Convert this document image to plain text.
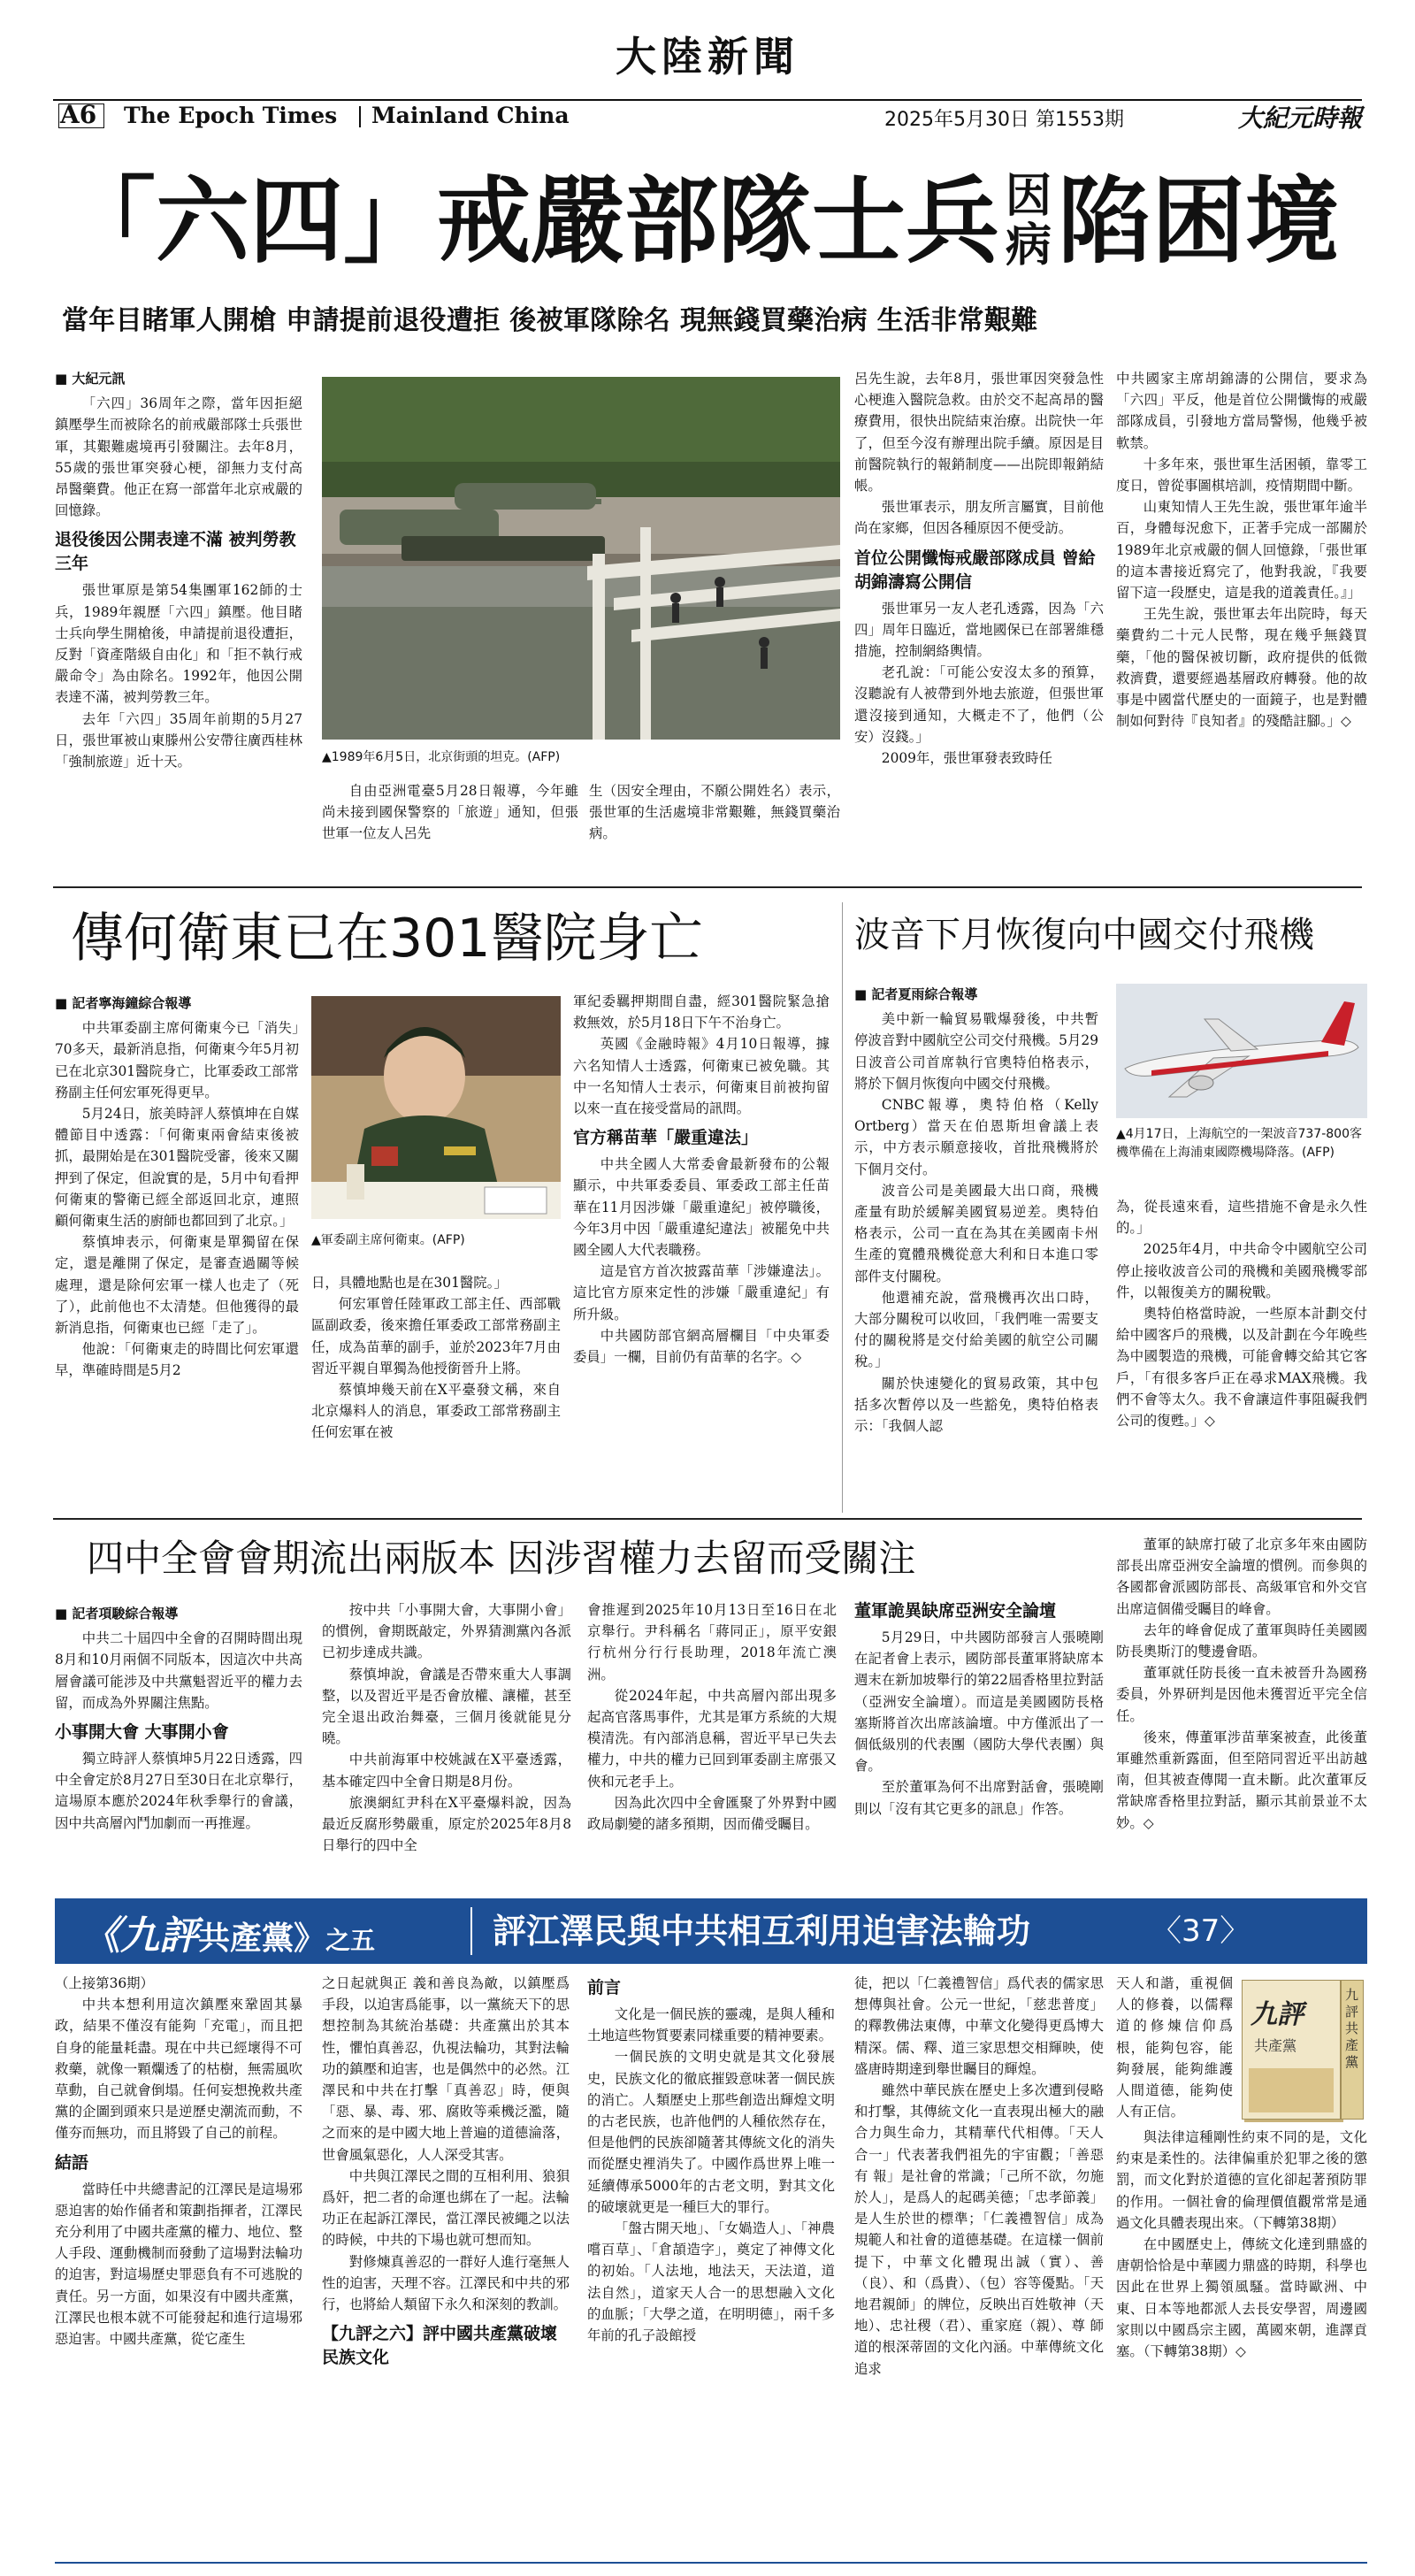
大陸新聞
A6 The Epoch Times Mainland China	2025年5月30日 第1553期	大紀元時報
「六四」戒嚴部隊士兵 因
病 陷困境
當年目睹軍人開槍 申請提前退役遭拒 後被軍隊除名 現無錢買藥治病 生活非常艱難
■ 大紀元訊

「六四」36周年之際，當年因拒絕鎮壓學生而被除名的前戒嚴部隊士兵張世軍，其艱難處境再引發關注。去年8月，55歲的張世軍突發心梗，卻無力支付高昂醫藥費。他正在寫一部當年北京戒嚴的回憶錄。

退役後因公開表達不滿 被判勞教三年

張世軍原是第54集團軍162師的士兵，1989年親歷「六四」鎮壓。他目睹士兵向學生開槍後，申請提前退役遭拒，反對「資產階級自由化」和「拒不執行戒嚴命令」為由除名。1992年，他因公開表達不滿，被判勞教三年。

去年「六四」35周年前期的5月27日，張世軍被山東滕州公安帶往廣西桂林「強制旅遊」近十天。	▲1989年6月5日，北京街頭的坦克。(AFP)

自由亞洲電臺5月28日報導，今年雖尚未接到國保警察的「旅遊」通知，但張世軍一位友人呂先

生（因安全理由，不願公開姓名）表示，張世軍的生活處境非常艱難，無錢買藥治病。

呂先生說，去年8月，張世軍因突發急性心梗進入醫院急救。由於交不起高昂的醫療費用，很快出院結束治療。出院快一年了，但至今沒有辦理出院手續。原因是目前醫院執行的報銷制度——出院即報銷結帳。

張世軍表示，朋友所言屬實，目前他尚在家鄉，但因各種原因不便受訪。

首位公開懺悔戒嚴部隊成員 曾給胡錦濤寫公開信

張世軍另一友人老孔透露，因為「六四」周年日臨近，當地國保已在部署維穩措施，控制網絡輿情。

老孔說：「可能公安沒太多的預算，沒聽說有人被帶到外地去旅遊，但張世軍還沒接到通知，大概走不了，他們（公安）沒錢。」

2009年，張世軍發表致時任

中共國家主席胡錦濤的公開信，要求為「六四」平反，他是首位公開懺悔的戒嚴部隊成員，引發地方當局警惕，他幾乎被軟禁。

十多年來，張世軍生活困頓，靠零工度日，曾從事圖棋培訓，疫情期間中斷。

山東知情人王先生說，張世軍年逾半百，身體每況愈下，正著手完成一部關於1989年北京戒嚴的個人回憶錄，「張世軍的這本書接近寫完了，他對我說，『我要留下這一段歷史，這是我的道義責任。』」

王先生說，張世軍去年出院時，每天藥費約二十元人民幣，現在幾乎無錢買藥，「他的醫保被切斷，政府提供的低微救濟費，還要經過基層政府轉發。他的故事是中國當代歷史的一面鏡子，也是對體制如何對待『良知者』的殘酷註腳。」◇

傳何衛東已在301醫院身亡
■ 記者寧海鐘綜合報導

中共軍委副主席何衛東今已「消失」70多天，最新消息指，何衛東今年5月初已在北京301醫院身亡，比軍委政工部常務副主任何宏軍死得更早。

5月24日，旅美時評人蔡慎坤在自媒體節目中透露：「何衛東兩會結束後被抓，最開始是在301醫院受審，後來又關押到了保定，但說實的是，5月中旬看押何衛東的警衛已經全部返回北京，連照顧何衛東生活的廚師也都回到了北京。」

蔡慎坤表示，何衛東是單獨留在保定，還是離開了保定，是審查過關等候處理，還是除何宏軍一樣人也走了（死了），此前他也不太清楚。但他獲得的最新消息指，何衛東也已經「走了」。

他說：「何衛東走的時間比何宏軍還早，準確時間是5月2

▲軍委副主席何衛東。(AFP)

日，具體地點也是在301醫院。」

何宏軍曾任陸軍政工部主任、西部戰區副政委，後來擔任軍委政工部常務副主任，成為苗華的副手，並於2023年7月由習近平親自單獨為他授銜晉升上將。

蔡慎坤幾天前在X平臺發文稱，來自北京爆料人的消息，軍委政工部常務副主任何宏軍在被

軍紀委羈押期間自盡，經301醫院緊急搶救無效，於5月18日下午不治身亡。

英國《金融時報》4月10日報導，據六名知情人士透露，何衛東已被免職。其中一名知情人士表示，何衛東目前被拘留以來一直在接受當局的訊問。

官方稱苗華「嚴重違法」

中共全國人大常委會最新發布的公報顯示，中共軍委委員、軍委政工部主任苗華在11月因涉嫌「嚴重違紀」被停職後，今年3月中因「嚴重違紀違法」被罷免中共國全國人大代表職務。

這是官方首次披露苗華「涉嫌違法」。這比官方原來定性的涉嫌「嚴重違紀」有所升級。

中共國防部官網高層欄目「中央軍委委員」一欄，目前仍有苗華的名字。◇

波音下月恢復向中國交付飛機
■ 記者夏雨綜合報導

美中新一輪貿易戰爆發後，中共暫停波音對中國航空公司交付飛機。5月29日波音公司首席執行官奧特伯格表示，將於下個月恢復向中國交付飛機。

CNBC報導，奧特伯格（Kelly Ortberg）當天在伯恩斯坦會議上表示，中方表示願意接收，首批飛機將於下個月交付。

波音公司是美國最大出口商，飛機產量有助於緩解美國貿易逆差。奧特伯格表示，公司一直在為其在美國南卡州生產的寬體飛機從意大利和日本進口零部件支付關稅。

他還補充說，當飛機再次出口時，大部分關稅可以收回，「我們唯一需要支付的關稅將是交付給美國的航空公司關稅。」

關於快速變化的貿易政策，其中包括多次暫停以及一些豁免，奧特伯格表示：「我個人認

▲4月17日，上海航空的一架波音737-800客機準備在上海浦東國際機場降落。(AFP)

為，從長遠來看，這些措施不會是永久性的。」

2025年4月，中共命令中國航空公司停止接收波音公司的飛機和美國飛機零部件，以報復美方的關稅戰。

奧特伯格當時說，一些原本計劃交付給中國客戶的飛機，以及計劃在今年晚些為中國製造的飛機，可能會轉交給其它客戶，「有很多客戶正在尋求MAX飛機。我們不會等太久。我不會讓這件事阻礙我們公司的復甦。」◇

四中全會會期流出兩版本 因涉習權力去留而受關注
■ 記者項駿綜合報導

中共二十屆四中全會的召開時間出現8月和10月兩個不同版本，因這次中共高層會議可能涉及中共黨魁習近平的權力去留，而成為外界關注焦點。

小事開大會 大事開小會

獨立時評人蔡慎坤5月22日透露，四中全會定於8月27日至30日在北京舉行，這場原本應於2024年秋季舉行的會議，因中共高層內鬥加劇而一再推遲。

按中共「小事開大會，大事開小會」的慣例，會期既敲定，外界猜測黨內各派已初步達成共識。

蔡慎坤說，會議是否帶來重大人事調整，以及習近平是否會放權、讓權，甚至完全退出政治舞臺，三個月後就能見分曉。

中共前海軍中校姚誠在X平臺透露，基本確定四中全會日期是8月份。

旅澳網紅尹科在X平臺爆料說，因為最近反腐形勢嚴重，原定於2025年8月8日舉行的四中全

會推遲到2025年10月13日至16日在北京舉行。尹科稱名「蔣同正」，原平安銀行杭州分行行長助理，2018年流亡澳洲。

從2024年起，中共高層內部出現多起高官落馬事件，尤其是軍方系統的大規模清洗。有內部消息稱，習近平早已失去權力，中共的權力已回到軍委副主席張又俠和元老手上。

因為此次四中全會匯聚了外界對中國政局劇變的諸多預期，因而備受矚目。

董軍詭異缺席亞洲安全論壇

5月29日，中共國防部發言人張曉剛在記者會上表示，國防部長董軍將缺席本週末在新加坡舉行的第22屆香格里拉對話（亞洲安全論壇）。而這是美國國防長格塞斯將首次出席該論壇。中方僅派出了一個低級別的代表團（國防大學代表團）與會。

至於董軍為何不出席對話會，張曉剛則以「沒有其它更多的訊息」作答。

董軍的缺席打破了北京多年來由國防部長出席亞洲安全論壇的慣例。而參與的各國都會派國防部長、高級軍官和外交官出席這個備受矚目的峰會。

去年的峰會促成了董軍與時任美國國防長奧斯汀的雙邊會晤。

董軍就任防長後一直未被晉升為國務委員，外界研判是因他未獲習近平完全信任。

後來，傳董軍涉苗華案被查，此後董軍雖然重新露面，但至陪同習近平出訪越南，但其被查傳聞一直未斷。此次董軍反常缺席香格里拉對話，顯示其前景並不太妙。◇

《九評共產黨》之五	評江澤民與中共相互利用迫害法輪功	〈37〉

（上接第36期）

中共本想利用這次鎮壓來鞏固其暴政，結果不僅沒有能夠「充電」，而且把自身的能量耗盡。現在中共已經壞得不可救藥，就像一顆爛透了的枯樹，無需風吹草動，自己就會倒塌。任何妄想挽救共產黨的企圖到頭來只是逆歷史潮流而動，不僅夯而無功，而且將毀了自己的前程。

結語

當時任中共總書記的江澤民是這場邪惡迫害的始作俑者和策劃指揮者，江澤民充分利用了中國共產黨的權力、地位、整人手段、運動機制而發動了這場對法輪功的迫害，對這場歷史罪惡負有不可逃脫的責任。另一方面，如果沒有中國共產黨，江澤民也根本就不可能發起和進行這場邪惡迫害。中國共產黨，從它產生

之日起就與正 義和善良為敵，以鎮壓爲手段，以迫害爲能事，以一黨統天下的思想控制為其統治基礎：共產黨出於其本性，懼怕真善忍，仇視法輪功，其對法輪功的鎮壓和迫害，也是偶然中的必然。江澤民和中共在打擊「真善忍」時，便與「惡、暴、毒、邪、腐敗等乘機泛濫，隨之而來的是中國大地上普遍的道德淪落，世會風氣惡化，人人深受其害。

中共與江澤民之間的互相利用、狼狽爲奸，把二者的命運也綁在了一起。法輪功正在起訴江澤民，當江澤民被繩之以法的時候，中共的下場也就可想而知。

對修煉真善忍的一群好人進行毫無人性的迫害，天理不容。江澤民和中共的邪行，也將給人類留下永久和深刻的教訓。

【九評之六】評中國共產黨破壞民族文化
前言

文化是一個民族的靈魂，是與人種和土地這些物質要素同樣重要的精神要素。

一個民族的文明史就是其文化發展史，民族文化的徹底摧毀意味著一個民族的消亡。人類歷史上那些創造出輝煌文明的古老民族，也許他們的人種依然存在，但是他們的民族卻隨著其傳統文化的消失而從歷史裡消失了。中國作爲世界上唯一延續傳承5000年的古老文明，對其文化的破壞就更是一種巨大的罪行。

「盤古開天地」、「女媧造人」、「神農嚐百草」、「倉頡造字」，奠定了神傳文化的初始。「人法地，地法天，天法道，道法自然」，道家天人合一的思想融入文化的血脈；「大學之道，在明明德」，兩千多年前的孔子設館授

徒，把以「仁義禮智信」爲代表的儒家思想傳與社會。公元一世紀，「慈悲普度」的釋教佛法東傳，中華文化變得更爲博大精深。儒、釋、道三家思想交相輝映，使盛唐時期達到舉世矚目的輝煌。

雖然中華民族在歷史上多次遭到侵略和打擊，其傳統文化一直表現出極大的融合力與生命力，其精華代代相傳。「天人合一」代表著我們祖先的宇宙觀；「善惡有 報」是社會的常識；「己所不欲，勿施於人」，是爲人的起碼美德；「忠孝節義」是人生於世的標準；「仁義禮智信」成為規範人和社會的道德基礎。在這樣一個前 提下，中華文化體現出誠（實）、善（良）、和（爲貴）、（包）容等優點。「天地君親師」的牌位，反映出百姓敬神（天地）、忠社稷（君）、重家庭（親）、尊 師道的根深蒂固的文化內涵。中華傳統文化追求

九評
共產黨
九評共產黨

天人和諧，重視個人的修養，以儒釋道的修煉信仰爲根，能夠包容，能夠發展，能夠維護人間道德，能夠使人有正信。

與法律這種剛性約束不同的是，文化約束是柔性的。法律偏重於犯罪之後的懲罰，而文化對於道德的宣化卻起著預防罪的作用。一個社會的倫理價值觀常常是通過文化具體表現出來。（下轉第38期）

在中國歷史上，傳統文化達到鼎盛的唐朝恰恰是中華國力鼎盛的時期，科學也因此在世界上獨領風騷。當時歐洲、中東、日本等地都派人去長安學習，周邊國家則以中國爲宗主國，萬國來朝，進譯貢塞。（下轉第38期）◇
